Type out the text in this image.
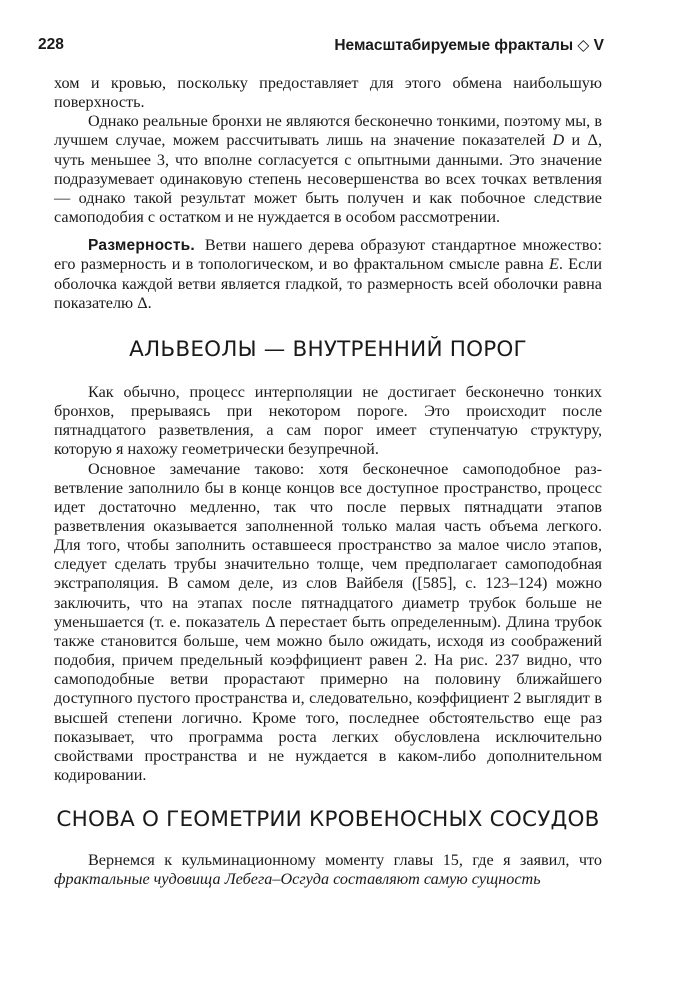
228	Немасштабируемые фракталы ◇ V

хом и кровью, поскольку предоставляет для этого обмена наибольшую поверхность.

Однако реальные бронхи не являются бесконечно тонкими, поэтому мы, в лучшем случае, можем рассчитывать лишь на значение показателей D и Δ, чуть меньшее 3, что вполне согласуется с опытными данными. Это значение подразумевает одинаковую степень несовершенства во всех точках ветвления — однако такой результат может быть получен и как побочное следствие самоподобия с остатком и не нуждается в особом рассмотрении.

Размерность. Ветви нашего дерева образуют стандартное множество: его размерность и в топологическом, и во фрактальном смысле равна E. Если оболочка каждой ветви является гладкой, то размерность всей оболочки равна показателю Δ.

АЛЬВЕОЛЫ — ВНУТРЕННИЙ ПОРОГ

Как обычно, процесс интерполяции не достигает бесконечно тонких бронхов, прерываясь при некотором пороге. Это происходит после пятнадцатого разветвления, а сам порог имеет ступенчатую структуру, которую я нахожу геометрически безупречной.

Основное замечание таково: хотя бесконечное самоподобное разветвление заполнило бы в конце концов все доступное пространство, процесс идет достаточно медленно, так что после первых пятнадцати этапов разветвления оказывается заполненной только малая часть объема легкого. Для того, чтобы заполнить оставшееся пространство за малое число этапов, следует сделать трубы значительно толще, чем предполагает самоподобная экстраполяция. В самом деле, из слов Вайбеля ([585], с. 123–124) можно заключить, что на этапах после пятнадцатого диаметр трубок больше не уменьшается (т. е. показатель Δ перестает быть определенным). Длина трубок также становится больше, чем можно было ожидать, исходя из соображений подобия, причем предельный коэффициент равен 2. На рис. 237 видно, что самоподобные ветви прорастают примерно на половину ближайшего доступного пустого пространства и, следовательно, коэффициент 2 выглядит в высшей степени логично. Кроме того, последнее обстоятельство еще раз показывает, что программа роста легких обусловлена исключительно свойствами пространства и не нуждается в каком-либо дополнительном кодировании.

СНОВА О ГЕОМЕТРИИ КРОВЕНОСНЫХ СОСУДОВ

Вернемся к кульминационному моменту главы 15, где я заявил, что фрактальные чудовища Лебега–Осгуда составляют самую сущность
